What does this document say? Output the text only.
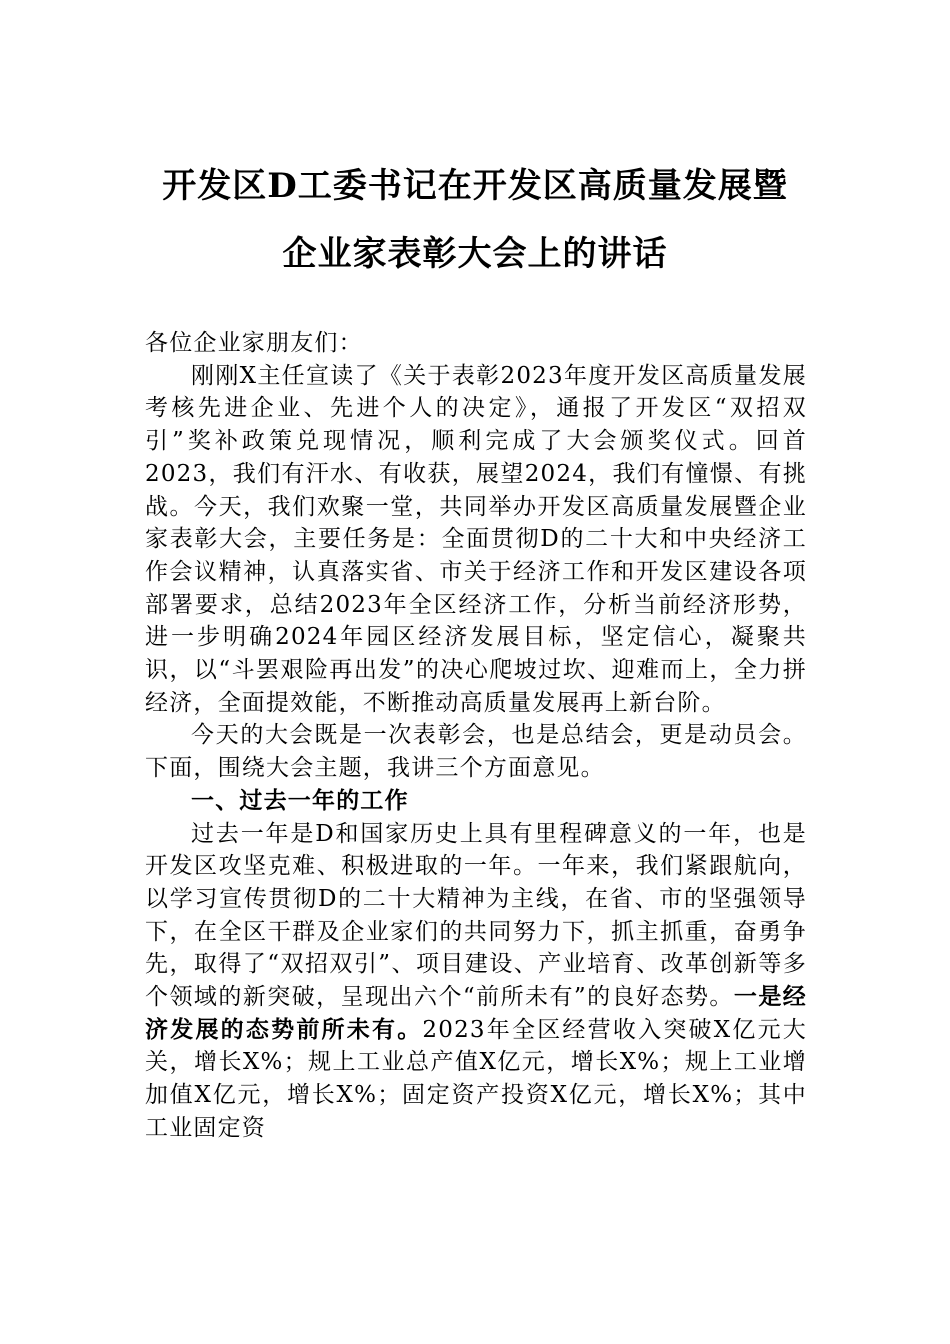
开发区D工委书记在开发区高质量发展暨
企业家表彰大会上的讲话

各位企业家朋友们：

刚刚X主任宣读了《关于表彰2023年度开发区高质量发展考核先进企业、先进个人的决定》，通报了开发区“双招双引”奖补政策兑现情况，顺利完成了大会颁奖仪式。回首2023，我们有汗水、有收获，展望2024，我们有憧憬、有挑战。今天，我们欢聚一堂，共同举办开发区高质量发展暨企业家表彰大会，主要任务是：全面贯彻D的二十大和中央经济工作会议精神，认真落实省、市关于经济工作和开发区建设各项部署要求，总结2023年全区经济工作，分析当前经济形势，进一步明确2024年园区经济发展目标，坚定信心，凝聚共识，以“斗罢艰险再出发”的决心爬坡过坎、迎难而上，全力拼经济，全面提效能，不断推动高质量发展再上新台阶。

今天的大会既是一次表彰会，也是总结会，更是动员会。下面，围绕大会主题，我讲三个方面意见。

一、过去一年的工作

过去一年是D和国家历史上具有里程碑意义的一年，也是开发区攻坚克难、积极进取的一年。一年来，我们紧跟航向，以学习宣传贯彻D的二十大精神为主线，在省、市的坚强领导下，在全区干群及企业家们的共同努力下，抓主抓重，奋勇争先，取得了“双招双引”、项目建设、产业培育、改革创新等多个领域的新突破，呈现出六个“前所未有”的良好态势。一是经济发展的态势前所未有。2023年全区经营收入突破X亿元大关，增长X%；规上工业总产值X亿元，增长X%；规上工业增加值X亿元，增长X%；固定资产投资X亿元，增长X%；其中工业固定资
